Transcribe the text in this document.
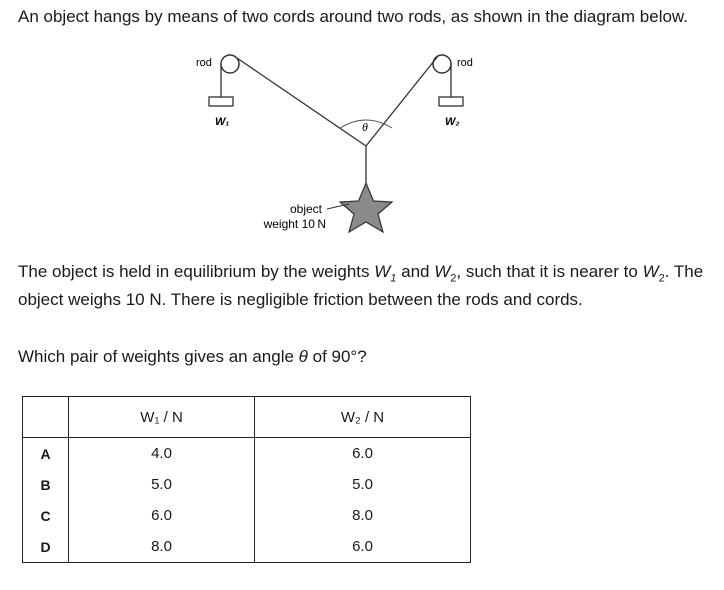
An object hangs by means of two cords around two rods, as shown in the diagram below.

rod	rod
W₁	W₂
θ
object
weight 10 N

The object is held in equilibrium by the weights $W_1$ and $W_2$, such that it is nearer to $W_2$. The object weighs 10 N. There is negligible friction between the rods and cords.

Which pair of weights gives an angle θ of 90°?

	W₁ / N	W₂ / N
A	4.0	6.0
B	5.0	5.0
C	6.0	8.0
D	8.0	6.0
